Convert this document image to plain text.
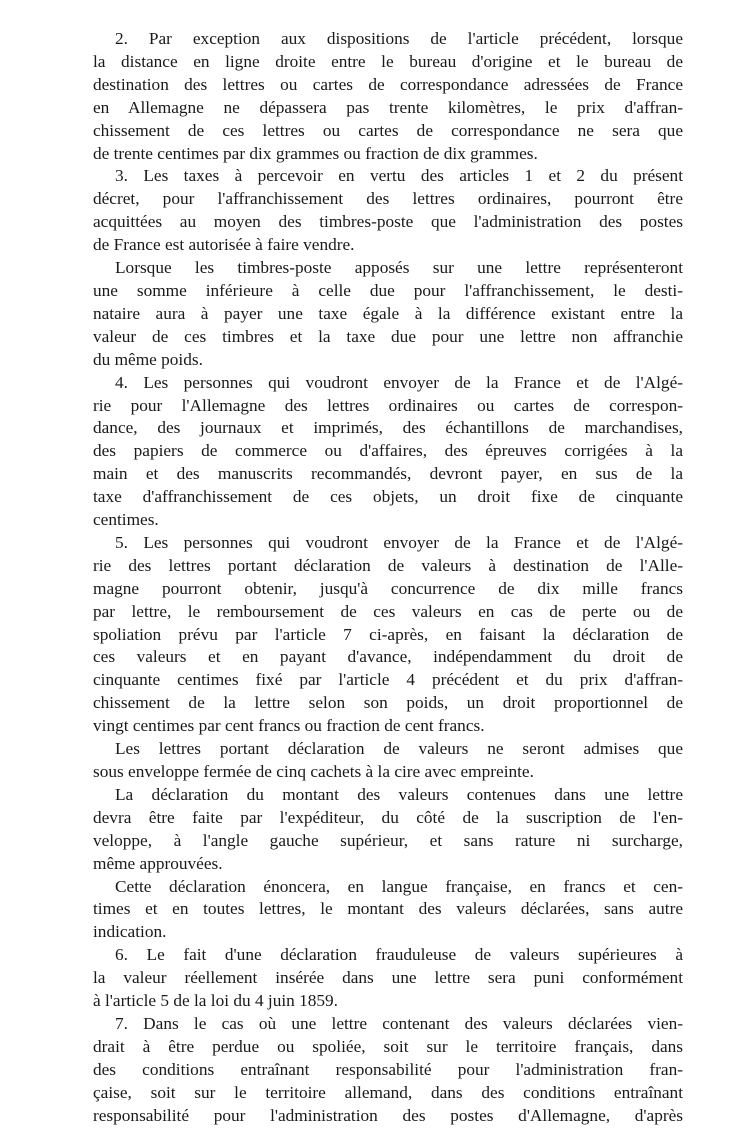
2. Par exception aux dispositions de l'article précédent, lorsque
la distance en ligne droite entre le bureau d'origine et le bureau de
destination des lettres ou cartes de correspondance adressées de France
en Allemagne ne dépassera pas trente kilomètres, le prix d'affran-
chissement de ces lettres ou cartes de correspondance ne sera que
de trente centimes par dix grammes ou fraction de dix grammes.
3. Les taxes à percevoir en vertu des articles 1 et 2 du présent
décret, pour l'affranchissement des lettres ordinaires, pourront être
acquittées au moyen des timbres-poste que l'administration des postes
de France est autorisée à faire vendre.
Lorsque les timbres-poste apposés sur une lettre représenteront
une somme inférieure à celle due pour l'affranchissement, le desti-
nataire aura à payer une taxe égale à la différence existant entre la
valeur de ces timbres et la taxe due pour une lettre non affranchie
du même poids.
4. Les personnes qui voudront envoyer de la France et de l'Algé-
rie pour l'Allemagne des lettres ordinaires ou cartes de correspon-
dance, des journaux et imprimés, des échantillons de marchandises,
des papiers de commerce ou d'affaires, des épreuves corrigées à la
main et des manuscrits recommandés, devront payer, en sus de la
taxe d'affranchissement de ces objets, un droit fixe de cinquante
centimes.
5. Les personnes qui voudront envoyer de la France et de l'Algé-
rie des lettres portant déclaration de valeurs à destination de l'Alle-
magne pourront obtenir, jusqu'à concurrence de dix mille francs
par lettre, le remboursement de ces valeurs en cas de perte ou de
spoliation prévu par l'article 7 ci-après, en faisant la déclaration de
ces valeurs et en payant d'avance, indépendamment du droit de
cinquante centimes fixé par l'article 4 précédent et du prix d'affran-
chissement de la lettre selon son poids, un droit proportionnel de
vingt centimes par cent francs ou fraction de cent francs.
Les lettres portant déclaration de valeurs ne seront admises que
sous enveloppe fermée de cinq cachets à la cire avec empreinte.
La déclaration du montant des valeurs contenues dans une lettre
devra être faite par l'expéditeur, du côté de la suscription de l'en-
veloppe, à l'angle gauche supérieur, et sans rature ni surcharge,
même approuvées.
Cette déclaration énoncera, en langue française, en francs et cen-
times et en toutes lettres, le montant des valeurs déclarées, sans autre
indication.
6. Le fait d'une déclaration frauduleuse de valeurs supérieures à
la valeur réellement insérée dans une lettre sera puni conformément
à l'article 5 de la loi du 4 juin 1859.
7. Dans le cas où une lettre contenant des valeurs déclarées vien-
drait à être perdue ou spoliée, soit sur le territoire français, dans
des conditions entraînant responsabilité pour l'administration fran-
çaise, soit sur le territoire allemand, dans des conditions entraînant
responsabilité pour l'administration des postes d'Allemagne, d'après
